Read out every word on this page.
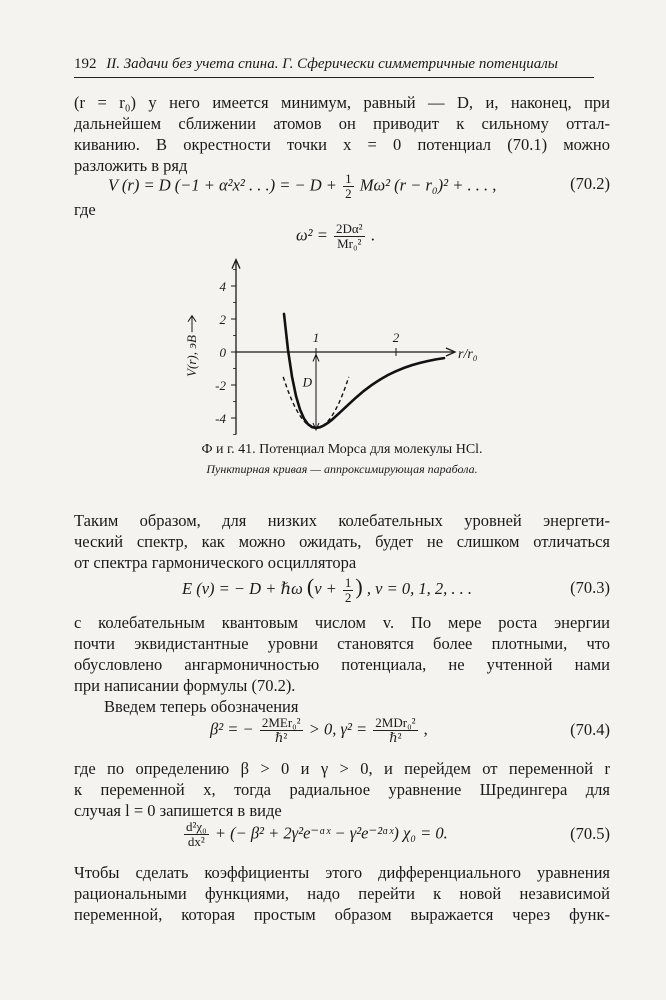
192 II. Задачи без учета спина. Г. Сферически симметричные потенциалы
(r = r₀) у него имеется минимум, равный — D, и, наконец, при
дальнейшем сближении атомов он приводит к сильному оттал-
киванию. В окрестности точки x = 0 потенциал (70.1) можно
разложить в ряд
V (r) = D (−1 + α²x² . . .) = − $D + \frac{1}{2} M\omega^2$ (r − r₀)² + . . . ,	(70.2)
где
$\omega^2 = \frac{\text{2Dα²}}{\text{Mr₀²}}$ .
4
2
0
-2
-4
1	2
r/r₀
V(r), эВ
D
Ф и г. 41. Потенциал Морса для молекулы HCl.
Пунктирная кривая — аппроксимирующая парабола.
Таким образом, для низких колебательных уровней энергети-
ческий спектр, как можно ожидать, будет не слишком отличаться
от спектра гармонического осциллятора
E (v) = − D + ℏω ($v + \frac{1}{2}$ ) , v = 0, 1, 2, . . .	(70.3)
с колебательным квантовым числом v. По мере роста энергии
почти эквидистантные уровни становятся более плотными, что
обусловлено ангармоничностью потенциала, не учтенной нами
при написании формулы (70.2).
Введем теперь обозначения
β² = − $\frac{\text{2MEr₀²}}{\text{ℏ²}} > 0$, $\gamma^2 = \frac{\text{2MDr₀²}}{\text{ℏ²}}$ ,	(70.4)
где по определению β > 0 и γ > 0, и перейдем от переменной r
к переменной x, тогда радиальное уравнение Шредингера для
случая l = 0 запишется в виде
$\frac{\text{d²χ₀}}{\text{dx²}}$ + (− β² + 2γ²e⁻ᵅˣ − γ²e⁻²ᵅˣ) χ₀ = 0.	(70.5)
Чтобы сделать коэффициенты этого дифференциального уравнения
рациональными функциями, надо перейти к новой независимой
переменной, которая простым образом выражается через функ-
